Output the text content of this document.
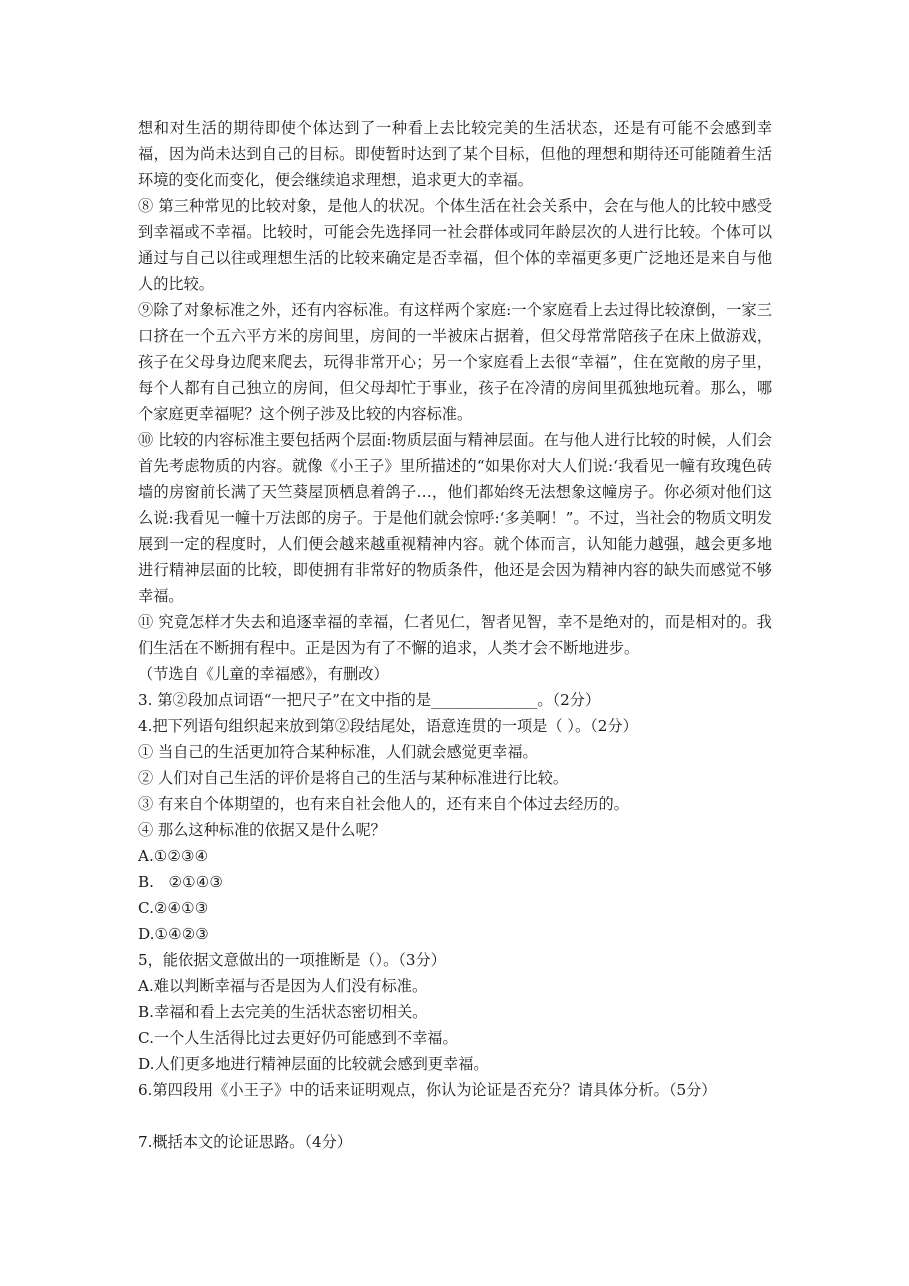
想和对生活的期待即使个体达到了一种看上去比较完美的生活状态，还是有可能不会感到幸福，因为尚未达到自己的目标。即使暂时达到了某个目标，但他的理想和期待还可能随着生活环境的变化而变化，便会继续追求理想，追求更大的幸福。

⑧ 第三种常见的比较对象，是他人的状况。个体生活在社会关系中，会在与他人的比较中感受到幸福或不幸福。比较时，可能会先选择同一社会群体或同年龄层次的人进行比较。个体可以通过与自己以往或理想生活的比较来确定是否幸福，但个体的幸福更多更广泛地还是来自与他人的比较。

⑨除了对象标准之外，还有内容标准。有这样两个家庭:一个家庭看上去过得比较潦倒，一家三口挤在一个五六平方米的房间里，房间的一半被床占据着，但父母常常陪孩子在床上做游戏，孩子在父母身边爬来爬去，玩得非常开心；另一个家庭看上去很“幸福”，住在宽敞的房子里，每个人都有自己独立的房间，但父母却忙于事业，孩子在冷清的房间里孤独地玩着。那么，哪个家庭更幸福呢？这个例子涉及比较的内容标准。

⑩ 比较的内容标准主要包括两个层面:物质层面与精神层面。在与他人进行比较的时候，人们会首先考虑物质的内容。就像《小王子》里所描述的“如果你对大人们说:‘我看见一幢有玫瑰色砖墙的房窗前长满了天竺葵屋顶栖息着鸽子…，他们都始终无法想象这幢房子。你必须对他们这么说:我看见一幢十万法郎的房子。于是他们就会惊呼:‘多美啊！”。不过，当社会的物质文明发展到一定的程度时，人们便会越来越重视精神内容。就个体而言，认知能力越强，越会更多地进行精神层面的比较，即使拥有非常好的物质条件，他还是会因为精神内容的缺失而感觉不够幸福。

⑪ 究竟怎样才失去和追逐幸福的幸福，仁者见仁，智者见智，幸不是绝对的，而是相对的。我们生活在不断拥有程中。正是因为有了不懈的追求，人类才会不断地进步。

（节选自《儿童的幸福感》，有删改）

3. 第②段加点词语“一把尺子”在文中指的是______________。（2分）

4.把下列语句组织起来放到第②段结尾处，语意连贯的一项是（ ）。（2分）

① 当自己的生活更加符合某种标准，人们就会感觉更幸福。

② 人们对自己生活的评价是将自己的生活与某种标准进行比较。

③ 有来自个体期望的，也有来自社会他人的，还有来自个体过去经历的。

④ 那么这种标准的依据又是什么呢？

A.①②③④

B.   ②①④③

C.②④①③

D.①④②③

5，能依据文意做出的一项推断是（）。（3分）

A.难以判断幸福与否是因为人们没有标准。

B.幸福和看上去完美的生活状态密切相关。

C.一个人生活得比过去更好仍可能感到不幸福。

D.人们更多地进行精神层面的比较就会感到更幸福。

6.第四段用《小王子》中的话来证明观点，你认为论证是否充分？请具体分析。（5分）

7.概括本文的论证思路。（4分）
